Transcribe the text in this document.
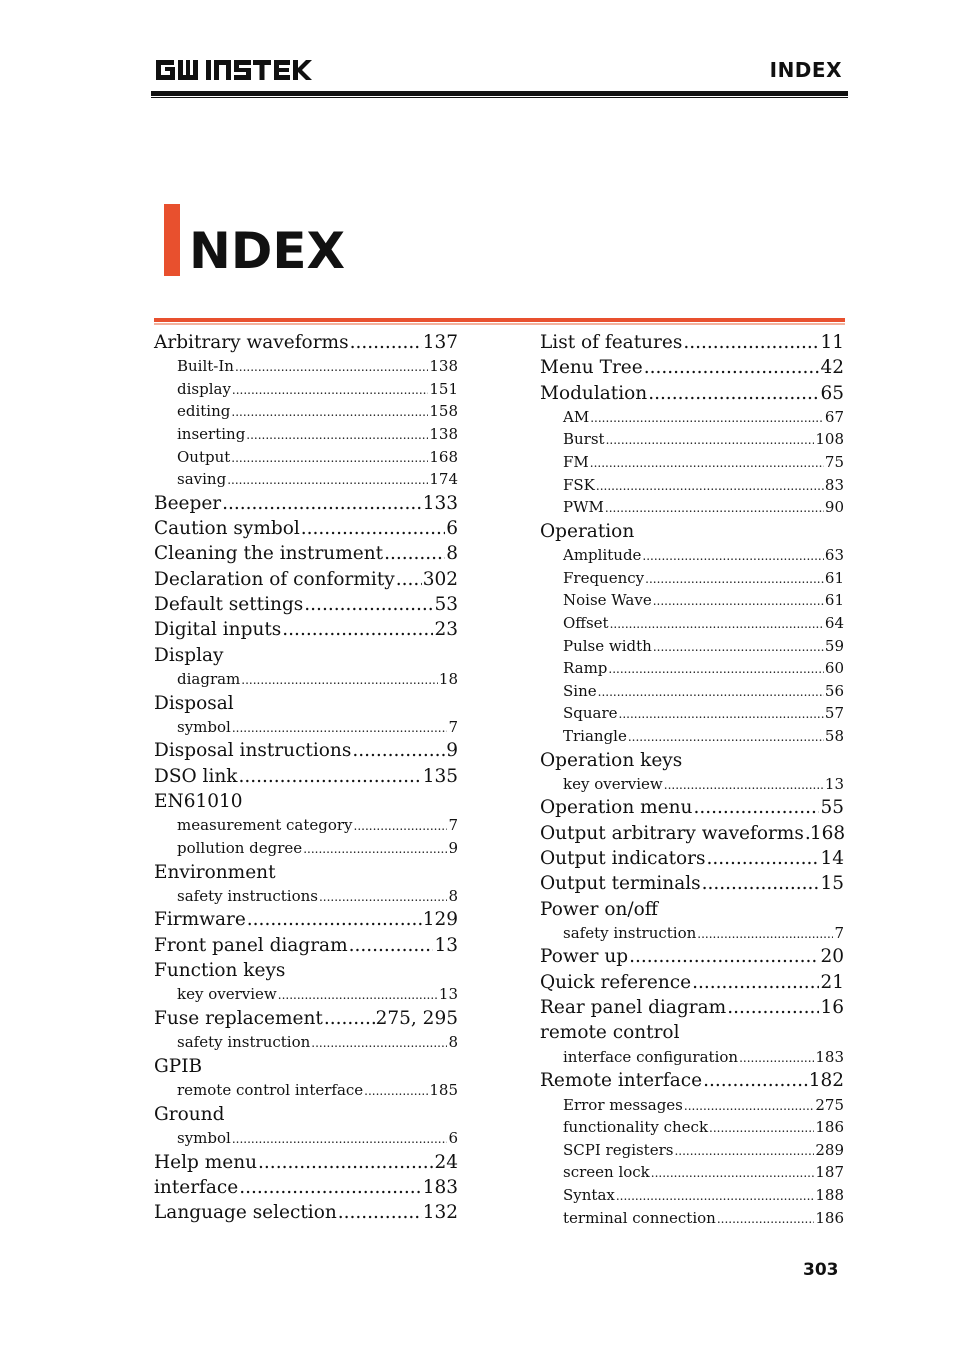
INDEX
NDEX
Arbitrary waveforms .....	137
Built-In .....	138
display .....	151
editing .....	158
inserting .....	138
Output .....	168
saving .....	174
Beeper .....	133
Caution symbol .....	6
Cleaning the instrument .....	8
Declaration of conformity ..... 302
Default settings .....	53
Digital inputs .....	23
Display
diagram .....	18
Disposal
symbol .....	7
Disposal instructions .....	9
DSO link .....	135
EN61010
measurement category .....	7
pollution degree .....	9
Environment
safety instructions .....	8
Firmware .....	129
Front panel diagram .....	13
Function keys
key overview .....	13
Fuse replacement .....	275, 295
safety instruction .....	8
GPIB
remote control interface .....	185
Ground
symbol .....	6
Help menu .....	24
interface .....	183
Language selection .....	132
List of features .....	11
Menu Tree .....	42
Modulation .....	65
AM .....	67
Burst .....	108
FM .....	75
FSK .....	83
PWM .....	90
Operation
Amplitude .....	63
Frequency .....	61
Noise Wave .....	61
Offset .....	64
Pulse width .....	59
Ramp .....	60
Sine .....	56
Square .....	57
Triangle .....	58
Operation keys
key overview .....	13
Operation menu .....	55
Output arbitrary waveforms ..... 168
Output indicators .....	14
Output terminals .....	15
Power on/off
safety instruction .....	7
Power up .....	20
Quick reference .....	21
Rear panel diagram .....	16
remote control
interface configuration .....	183
Remote interface .....	182
Error messages .....	275
functionality check .....	186
SCPI registers .....	289
screen lock .....	187
Syntax .....	188
terminal connection .....	186
303
